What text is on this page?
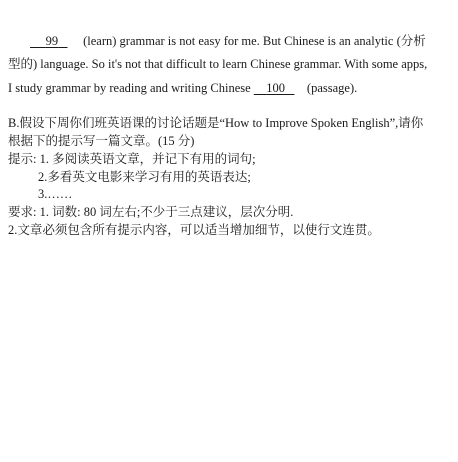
99 (learn) grammar is not easy for me. But Chinese is an analytic (分析
型的) language. So it's not that difficult to learn Chinese grammar. With some apps,
I study grammar by reading and writing Chinese 100 (passage).
B.假设下周你们班英语课的讨论话题是“How to Improve Spoken English”,请你
根据下的提示写一篇文章。(15 分)
提示: 1. 多阅读英语文章，并记下有用的词句;
2.多看英文电影来学习有用的英语表达;
3.……
要求: 1. 词数: 80 词左右;不少于三点建议，层次分明.
2.文章必须包含所有提示内容，可以适当增加细节，以使行文连贯。
